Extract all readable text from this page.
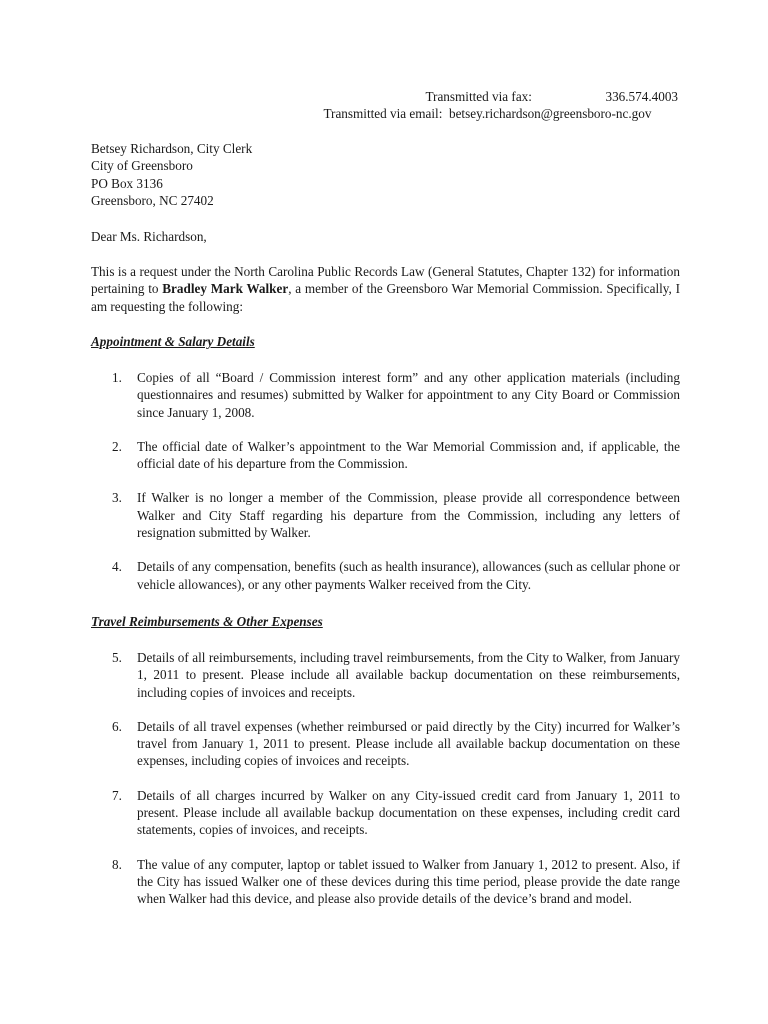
Transmitted via fax:	336.574.4003
Transmitted via email:
betsey.richardson@greensboro-nc.gov
Betsey Richardson, City Clerk
City of Greensboro
PO Box 3136
Greensboro, NC 27402
Dear Ms. Richardson,
This is a request under the North Carolina Public Records Law (General Statutes, Chapter 132) for information pertaining to Bradley Mark Walker, a member of the Greensboro War Memorial Commission. Specifically, I am requesting the following:
Appointment & Salary Details
1. Copies of all “Board / Commission interest form” and any other application materials (including questionnaires and resumes) submitted by Walker for appointment to any City Board or Commission since January 1, 2008.
2. The official date of Walker’s appointment to the War Memorial Commission and, if applicable, the official date of his departure from the Commission.
3. If Walker is no longer a member of the Commission, please provide all correspondence between Walker and City Staff regarding his departure from the Commission, including any letters of resignation submitted by Walker.
4. Details of any compensation, benefits (such as health insurance), allowances (such as cellular phone or vehicle allowances), or any other payments Walker received from the City.
Travel Reimbursements & Other Expenses
5. Details of all reimbursements, including travel reimbursements, from the City to Walker, from January 1, 2011 to present. Please include all available backup documentation on these reimbursements, including copies of invoices and receipts.
6. Details of all travel expenses (whether reimbursed or paid directly by the City) incurred for Walker’s travel from January 1, 2011 to present. Please include all available backup documentation on these expenses, including copies of invoices and receipts.
7. Details of all charges incurred by Walker on any City-issued credit card from January 1, 2011 to present. Please include all available backup documentation on these expenses, including credit card statements, copies of invoices, and receipts.
8. The value of any computer, laptop or tablet issued to Walker from January 1, 2012 to present. Also, if the City has issued Walker one of these devices during this time period, please provide the date range when Walker had this device, and please also provide details of the device’s brand and model.
